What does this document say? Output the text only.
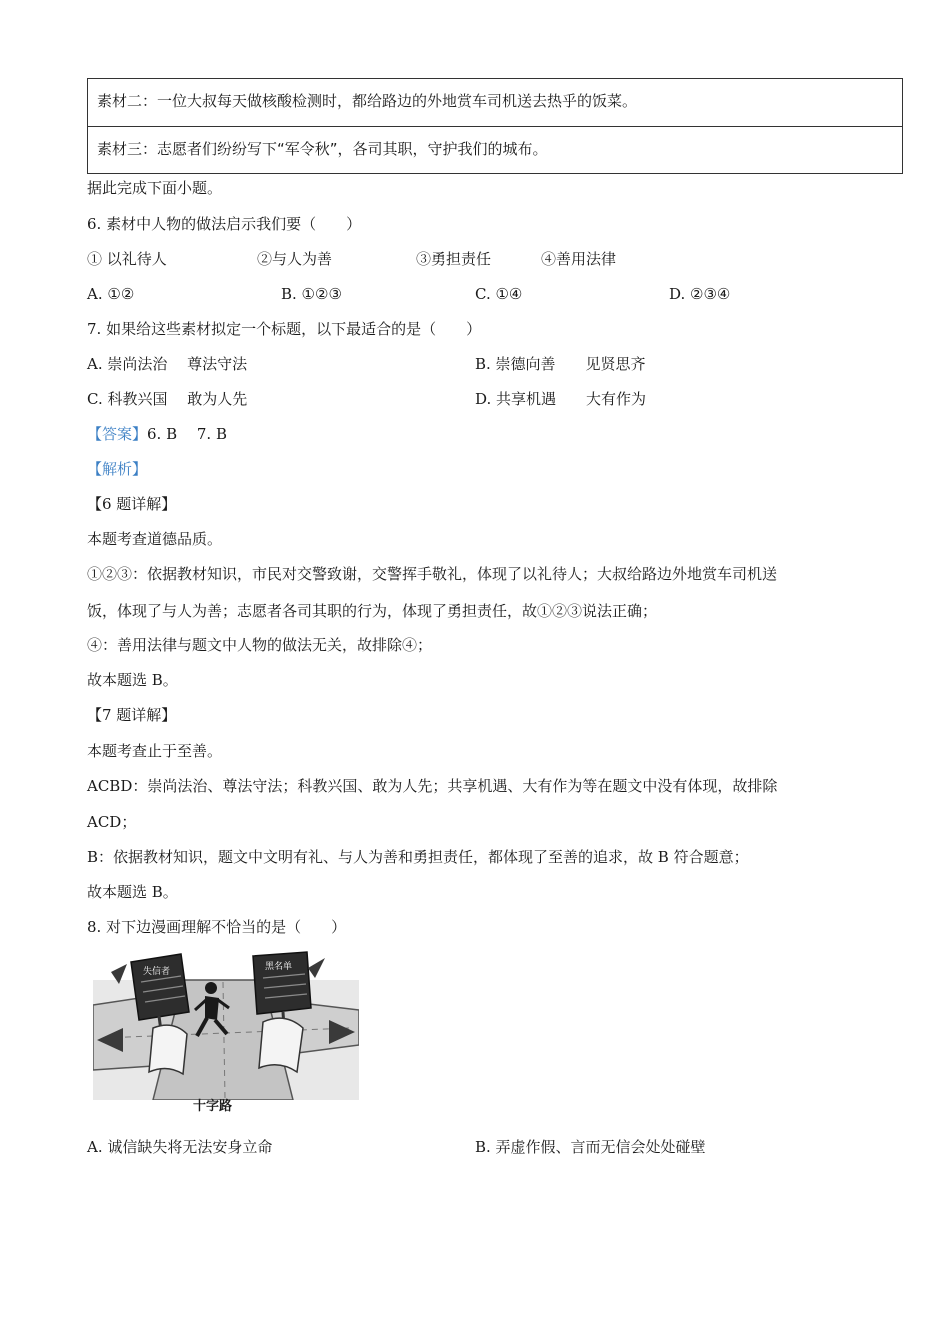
素材二：一位大叔每天做核酸检测时，都给路边的外地赏车司机送去热乎的饭菜。
素材三：志愿者们纷纷写下“军令秋”，各司其职，守护我们的城布。
据此完成下面小题。
6. 素材中人物的做法启示我们要（　　）
① 以礼待人	②与人为善	③勇担责任	④善用法律
A. ①②	B. ①②③	C. ①④	D. ②③④
7. 如果给这些素材拟定一个标题，以下最适合的是（　　）
A. 崇尚法治　 尊法守法	B. 崇德向善　　见贤思齐
C. 科教兴国　 敢为人先	D. 共享机遇　　大有作为
【答案】6. B　 7. B
【解析】
【6 题详解】
本题考查道德品质。
①②③：依据教材知识，市民对交警致谢，交警挥手敬礼，体现了以礼待人；大叔给路边外地赏车司机送
饭，体现了与人为善；志愿者各司其职的行为，体现了勇担责任，故①②③说法正确；
④：善用法律与题文中人物的做法无关，故排除④；
故本题选 B。
【7 题详解】
本题考查止于至善。
ACBD：崇尚法治、尊法守法；科教兴国、敢为人先；共享机遇、大有作为等在题文中没有体现，故排除
ACD；
B：依据教材知识，题文中文明有礼、与人为善和勇担责任，都体现了至善的追求，故 B 符合题意；
故本题选 B。
8. 对下边漫画理解不恰当的是（　　）
失信者	黑名单
十字路
A. 诚信缺失将无法安身立命	B. 弄虚作假、言而无信会处处碰壁
